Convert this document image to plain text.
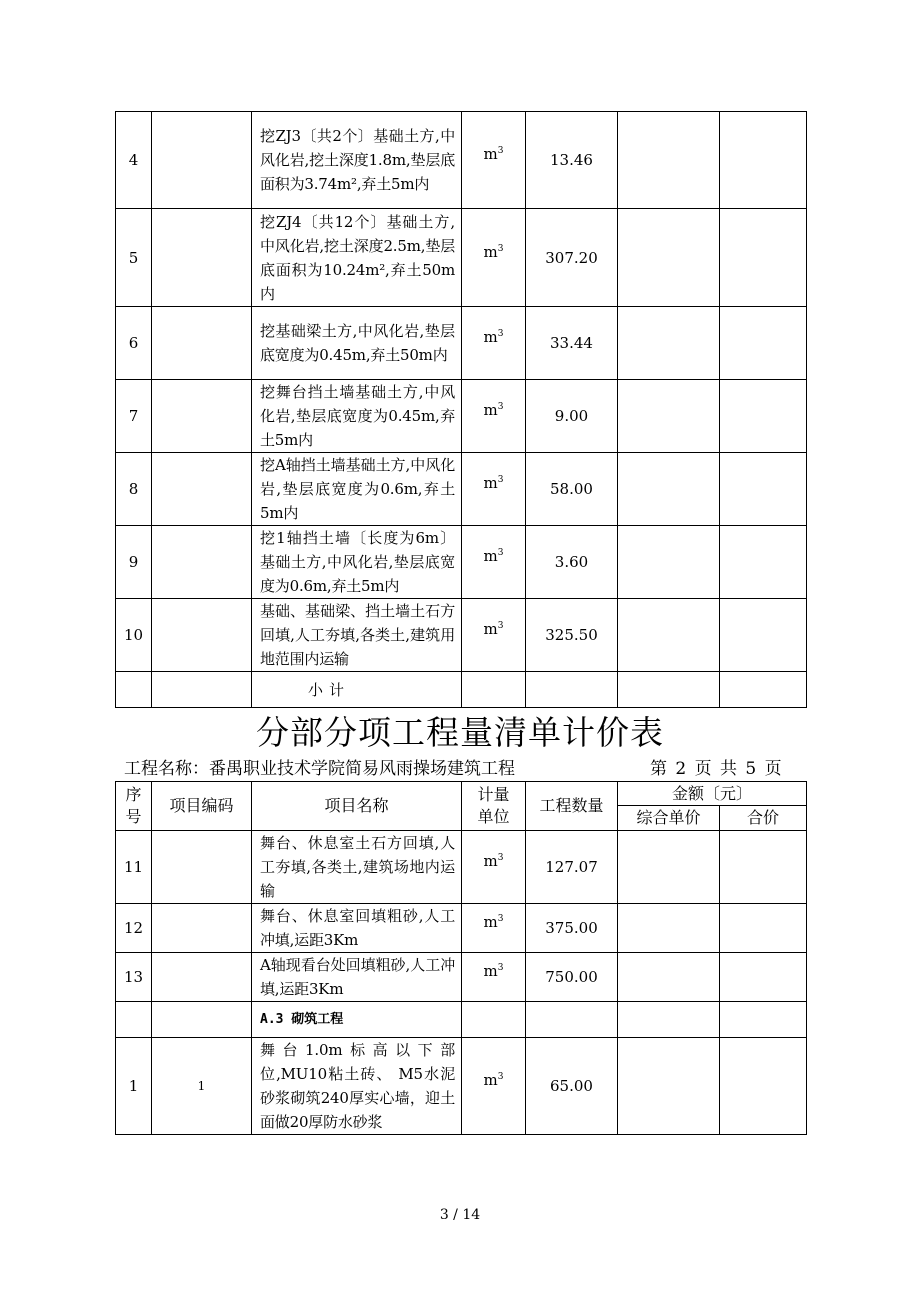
4		挖ZJ3〔共2个〕基础土方,中风化岩,挖土深度1.8m,垫层底面积为3.74m²,弃土5m内	$m^3$	13.46		
5		挖ZJ4〔共12个〕基础土方,中风化岩,挖土深度2.5m,垫层底面积为10.24m²,弃土50m内	$m^3$	307.20		
6		挖基础梁土方,中风化岩,垫层底宽度为0.45m,弃土50m内	$m^3$	33.44		
7		挖舞台挡土墙基础土方,中风化岩,垫层底宽度为0.45m,弃土5m内	$m^3$	9.00		
8		挖A轴挡土墙基础土方,中风化岩,垫层底宽度为0.6m,弃土5m内	$m^3$	58.00		
9		挖1轴挡土墙〔长度为6m〕基础土方,中风化岩,垫层底宽度为0.6m,弃土5m内	$m^3$	3.60		
10		基础、基础梁、挡土墙土石方回填,人工夯填,各类土,建筑用地范围内运输	$m^3$	325.50		
		小计				
分部分项工程量清单计价表
工程名称：番禺职业技术学院简易风雨操场建筑工程	第 2 页 共 5 页
序号	项目编码	项目名称	计量单位	工程数量	金额〔元〕	
					综合单价	合价
11		舞台、休息室土石方回填,人工夯填,各类土,建筑场地内运输	$m^3$	127.07		
12		舞台、休息室回填粗砂,人工冲填,运距3Km	$m^3$	375.00		
13		A轴现看台处回填粗砂,人工冲填,运距3Km	$m^3$	750.00		
		A.3 砌筑工程				
1	1	舞台1.0m标高以下部位,MU10粘土砖、 M5水泥砂浆砌筑240厚实心墙，迎土面做20厚防水砂浆	$m^3$	65.00		
3 / 14
